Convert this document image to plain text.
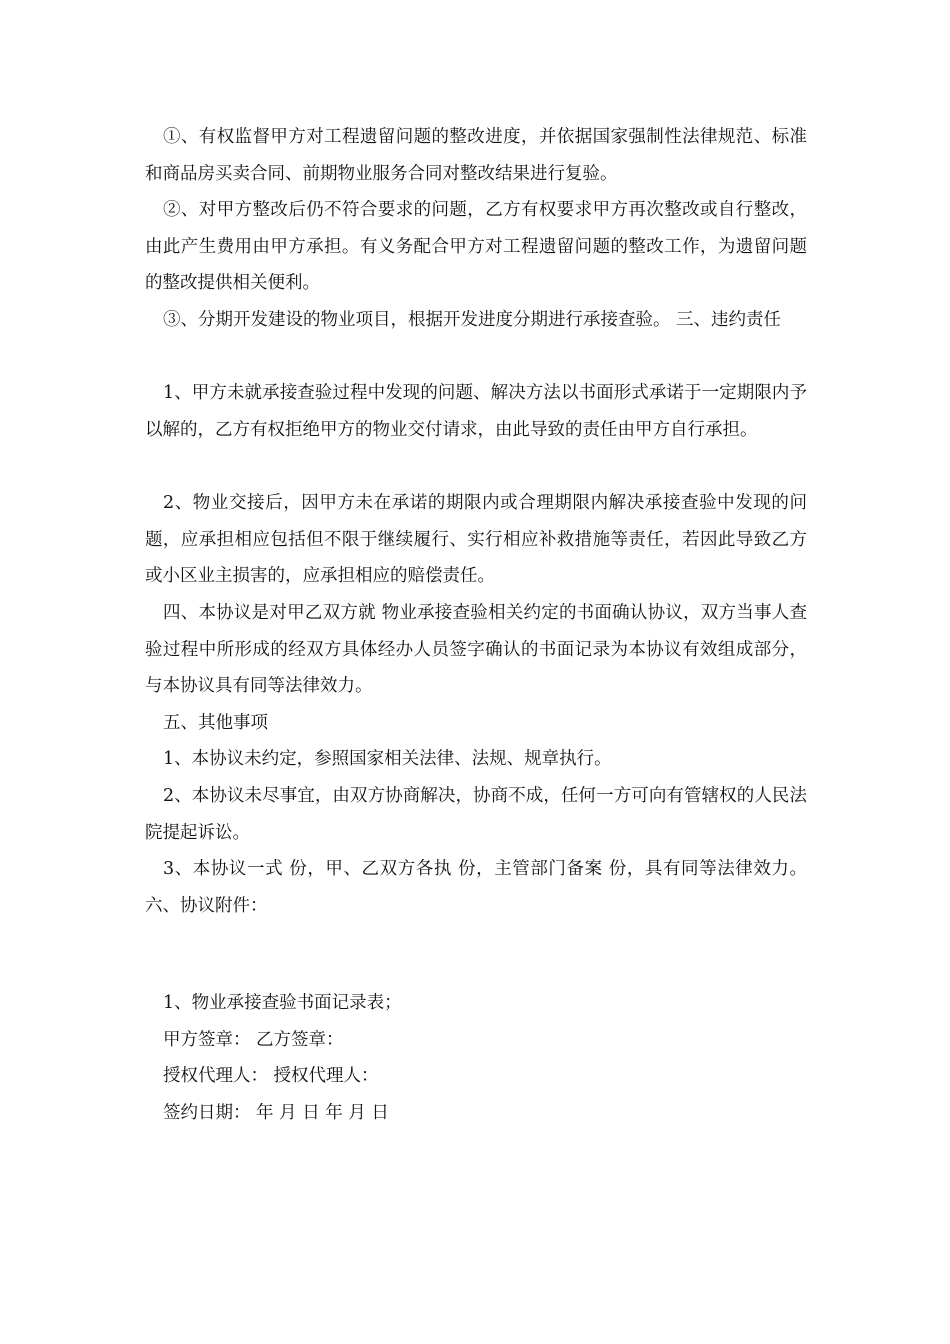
①、有权监督甲方对工程遗留问题的整改进度，并依据国家强制性法律规范、标准和商品房买卖合同、前期物业服务合同对整改结果进行复验。
②、对甲方整改后仍不符合要求的问题，乙方有权要求甲方再次整改或自行整改，由此产生费用由甲方承担。有义务配合甲方对工程遗留问题的整改工作，为遗留问题的整改提供相关便利。
③、分期开发建设的物业项目，根据开发进度分期进行承接查验。 三、违约责任
1、甲方未就承接查验过程中发现的问题、解决方法以书面形式承诺于一定期限内予以解的，乙方有权拒绝甲方的物业交付请求，由此导致的责任由甲方自行承担。
2、物业交接后，因甲方未在承诺的期限内或合理期限内解决承接查验中发现的问题，应承担相应包括但不限于继续履行、实行相应补救措施等责任，若因此导致乙方或小区业主损害的，应承担相应的赔偿责任。
四、本协议是对甲乙双方就 物业承接查验相关约定的书面确认协议，双方当事人查验过程中所形成的经双方具体经办人员签字确认的书面记录为本协议有效组成部分，与本协议具有同等法律效力。
五、其他事项
1、本协议未约定，参照国家相关法律、法规、规章执行。
2、本协议未尽事宜，由双方协商解决，协商不成，任何一方可向有管辖权的人民法院提起诉讼。
3、本协议一式 份，甲、乙双方各执 份，主管部门备案 份，具有同等法律效力。 六、协议附件：
1、物业承接查验书面记录表；
甲方签章： 乙方签章：
授权代理人： 授权代理人：
签约日期： 年 月 日 年 月 日
